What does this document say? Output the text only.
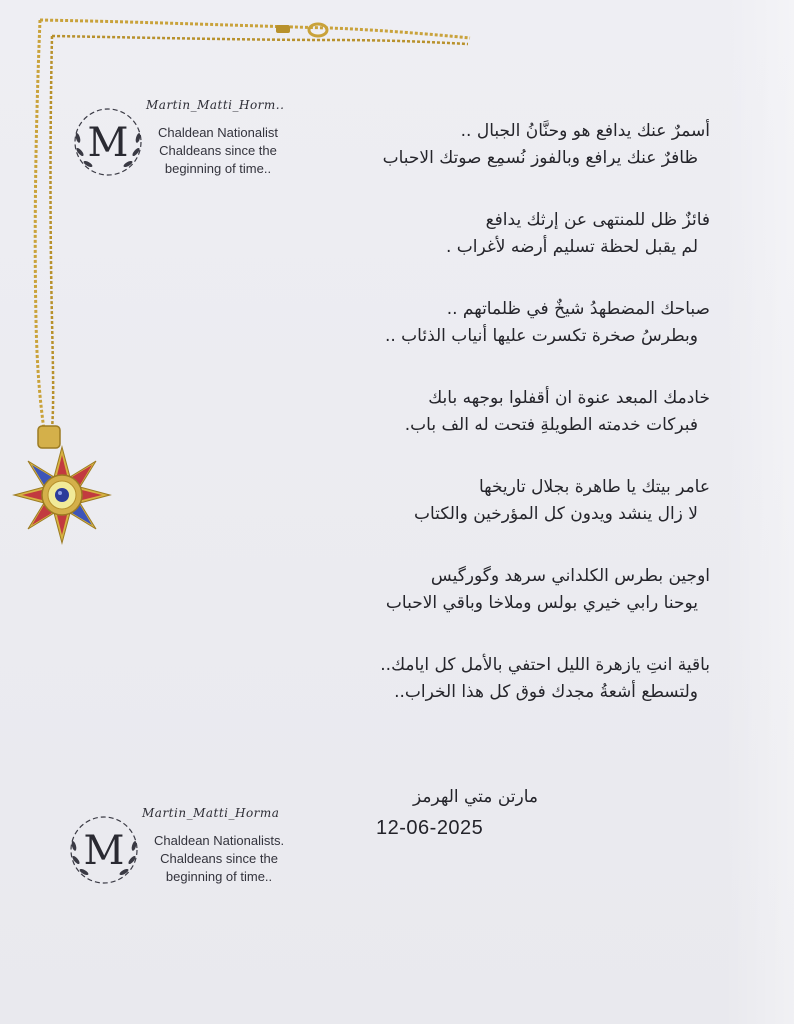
M
Martin_Matti_Horm..
Chaldean Nationalist
Chaldeans since the
beginning of time..
أسمرٌ عنك يدافع هو وحنَّانُ الجبال ..
ظافرٌ عنك يرافع وبالفوز نُسمِع صوتك الاحباب
فائزٌ ظل للمنتهى عن إرثك يدافع
لم يقبل لحظة تسليم أرضه لأغراب .
صباحك المضطهدُ شيخٌ في ظلماتهم ..
وبطرسُ صخرة تكسرت عليها أنياب الذئاب ..
خادمك المبعد عنوة ان أقفلوا بوجهه بابك
فبركات خدمته الطويلةِ فتحت له الف باب.
عامر بيتك يا طاهرة بجلال تاريخها
لا زال ينشد ويدون كل المؤرخين والكتاب
اوجين بطرس الكلداني سرهد وگورگيس
يوحنا رابي خيري بولس وملاخا وباقي الاحباب
باقية انتِ يازهرة الليل احتفي بالأمل كل ايامك..
ولتسطع أشعةُ مجدك فوق كل هذا الخراب..
مارتن متي الهرمز
12-06-2025
M
Martin_Matti_Horma
Chaldean Nationalists.
Chaldeans since the
beginning of time..
